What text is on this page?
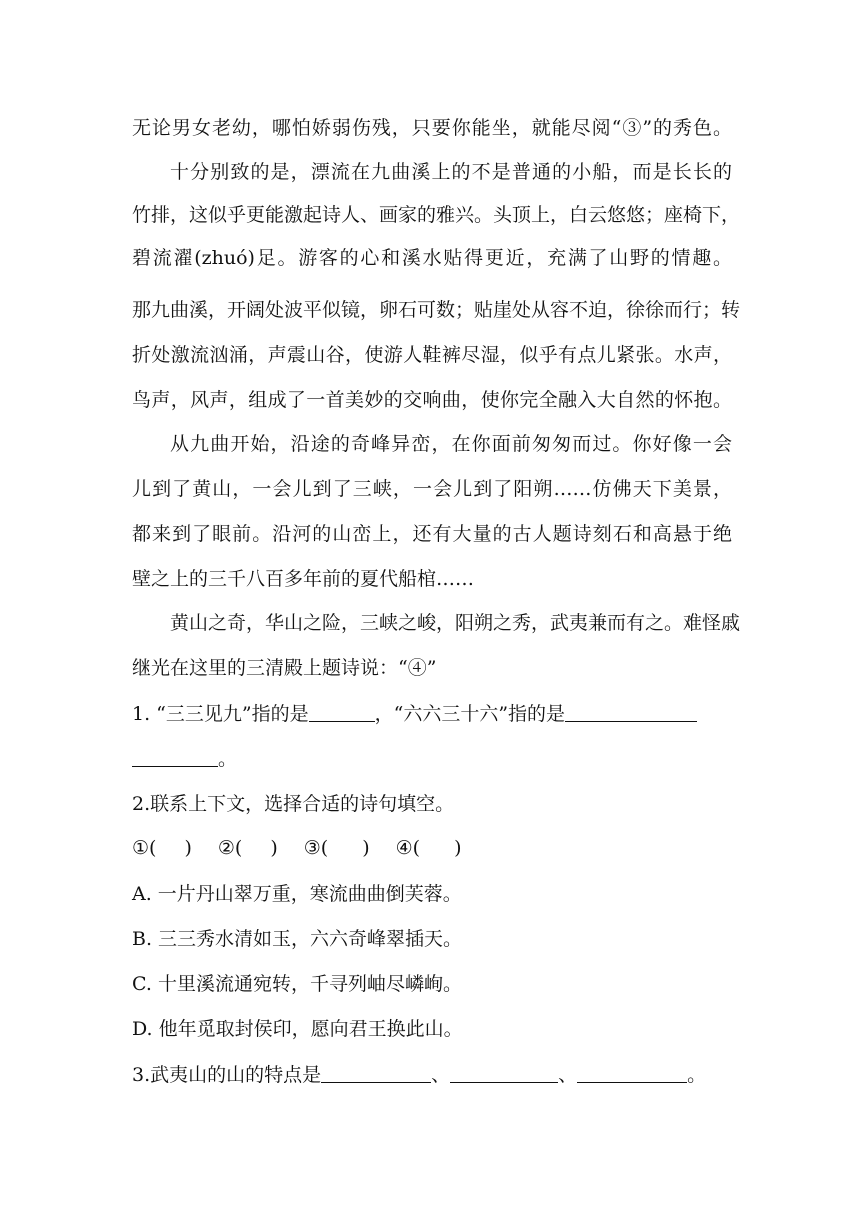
无论男女老幼，哪怕娇弱伤残，只要你能坐，就能尽阅“③”的秀色。
十分别致的是，漂流在九曲溪上的不是普通的小船，而是长长的
竹排，这似乎更能激起诗人、画家的雅兴。头顶上，白云悠悠；座椅下，
碧流濯(zhuó)足。游客的心和溪水贴得更近，充满了山野的情趣。
那九曲溪，开阔处波平似镜，卵石可数；贴崖处从容不迫，徐徐而行；转
折处激流汹涌，声震山谷，使游人鞋裤尽湿，似乎有点儿紧张。水声，
鸟声，风声，组成了一首美妙的交响曲，使你完全融入大自然的怀抱。
从九曲开始，沿途的奇峰异峦，在你面前匆匆而过。你好像一会
儿到了黄山，一会儿到了三峡，一会儿到了阳朔……仿佛天下美景，
都来到了眼前。沿河的山峦上，还有大量的古人题诗刻石和高悬于绝
壁之上的三千八百多年前的夏代船棺……
黄山之奇，华山之险，三峡之峻，阳朔之秀，武夷兼而有之。难怪戚
继光在这里的三清殿上题诗说：“④”
1. “三三见九”指的是	，“六六三十六”指的是
。
2.联系上下文，选择合适的诗句填空。
①( ) ②( ) ③( ) ④( )
A. 一片丹山翠万重，寒流曲曲倒芙蓉。
B. 三三秀水清如玉，六六奇峰翠插天。
C. 十里溪流通宛转，千寻列岫尽嶙峋。
D. 他年觅取封侯印，愿向君王换此山。
3.武夷山的山的特点是	、	、	。
